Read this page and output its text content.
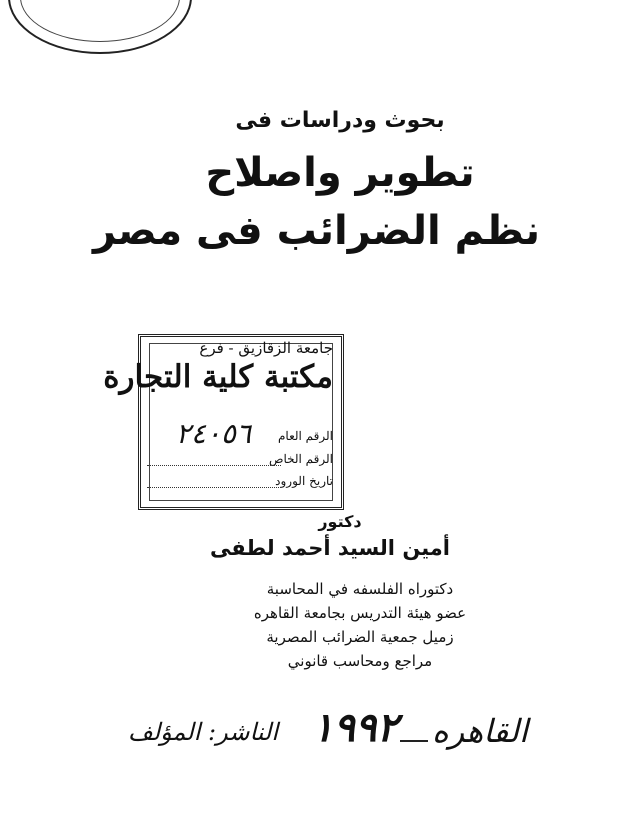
بحوث ودراسات فى
تطوير واصلاح
نظم الضرائب فى مصر
جامعة الزقازيق - فرع
مكتبة كلية التجارة
الرقم العام
٢٤٠٥٦
الرقم الخاص
تاريخ الورود
دكتور
أمين السيد أحمد لطفى
دكتوراه الفلسفه في المحاسبة
عضو هيئة التدريس بجامعة القاهره
زميل جمعية الضرائب المصرية
مراجع ومحاسب قانوني
القاهره
١٩٩٢
الناشر: المؤلف
